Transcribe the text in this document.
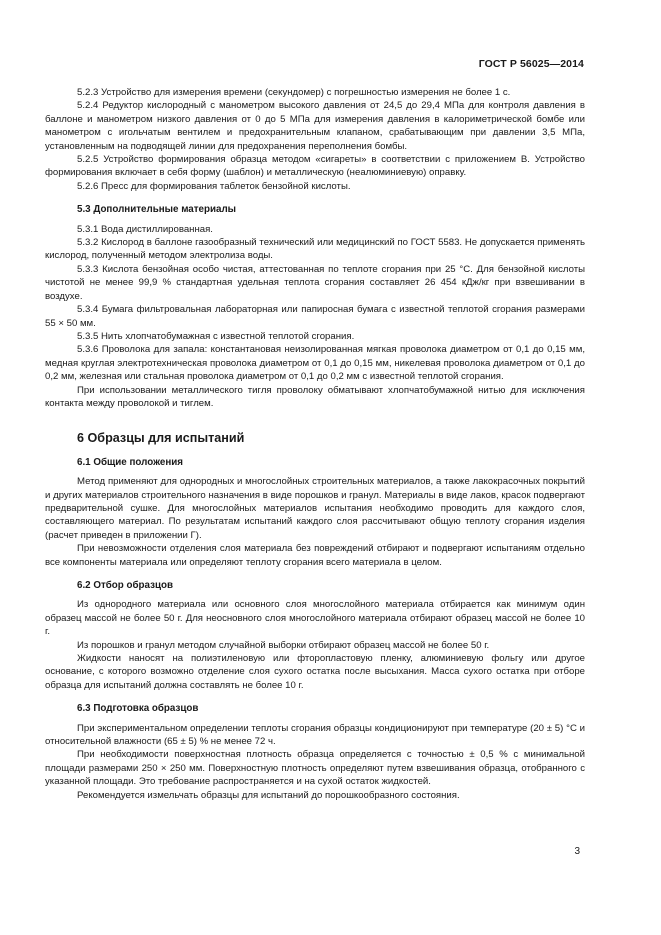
ГОСТ Р 56025—2014
5.2.3 Устройство для измерения времени (секундомер) с погрешностью измерения не более 1 с.
5.2.4 Редуктор кислородный с манометром высокого давления от 24,5 до 29,4 МПа для контроля давления в баллоне и манометром низкого давления от 0 до 5 МПа для измерения давления в калориметрической бомбе или манометром с игольчатым вентилем и предохранительным клапаном, срабатывающим при давлении 3,5 МПа, установленным на подводящей линии для предохранения переполнения бомбы.
5.2.5 Устройство формирования образца методом «сигареты» в соответствии с приложением В. Устройство формирования включает в себя форму (шаблон) и металлическую (неалюминиевую) оправку.
5.2.6 Пресс для формирования таблеток бензойной кислоты.
5.3 Дополнительные материалы
5.3.1 Вода дистиллированная.
5.3.2 Кислород в баллоне газообразный технический или медицинский по ГОСТ 5583. Не допускается применять кислород, полученный методом электролиза воды.
5.3.3 Кислота бензойная особо чистая, аттестованная по теплоте сгорания при 25 °С. Для бензойной кислоты чистотой не менее 99,9 % стандартная удельная теплота сгорания составляет 26 454 кДж/кг при взвешивании в воздухе.
5.3.4 Бумага фильтровальная лабораторная или папиросная бумага с известной теплотой сгорания размерами 55 × 50 мм.
5.3.5 Нить хлопчатобумажная с известной теплотой сгорания.
5.3.6 Проволока для запала: константановая неизолированная мягкая проволока диаметром от 0,1 до 0,15 мм, медная круглая электротехническая проволока диаметром от 0,1 до 0,15 мм, никелевая проволока диаметром от 0,1 до 0,2 мм, железная или стальная проволока диаметром от 0,1 до 0,2 мм с известной теплотой сгорания.
При использовании металлического тигля проволоку обматывают хлопчатобумажной нитью для исключения контакта между проволокой и тиглем.
6 Образцы для испытаний
6.1 Общие положения
Метод применяют для однородных и многослойных строительных материалов, а также лакокрасочных покрытий и других материалов строительного назначения в виде порошков и гранул. Материалы в виде лаков, красок подвергают предварительной сушке. Для многослойных материалов испытания необходимо проводить для каждого слоя, составляющего материал. По результатам испытаний каждого слоя рассчитывают общую теплоту сгорания изделия (расчет приведен в приложении Г).
При невозможности отделения слоя материала без повреждений отбирают и подвергают испытаниям отдельно все компоненты материала или определяют теплоту сгорания всего материала в целом.
6.2 Отбор образцов
Из однородного материала или основного слоя многослойного материала отбирается как минимум один образец массой не более 50 г. Для неосновного слоя многослойного материала отбирают образец массой не более 10 г.
Из порошков и гранул методом случайной выборки отбирают образец массой не более 50 г.
Жидкости наносят на полиэтиленовую или фторопластовую пленку, алюминиевую фольгу или другое основание, с которого возможно отделение слоя сухого остатка после высыхания. Масса сухого остатка при отборе образца для испытаний должна составлять не более 10 г.
6.3 Подготовка образцов
При экспериментальном определении теплоты сгорания образцы кондиционируют при температуре (20 ± 5) °С и относительной влажности (65 ± 5) % не менее 72 ч.
При необходимости поверхностная плотность образца определяется с точностью ± 0,5 % с минимальной площади размерами 250 × 250 мм. Поверхностную плотность определяют путем взвешивания образца, отобранного с указанной площади. Это требование распространяется и на сухой остаток жидкостей.
Рекомендуется измельчать образцы для испытаний до порошкообразного состояния.
3
